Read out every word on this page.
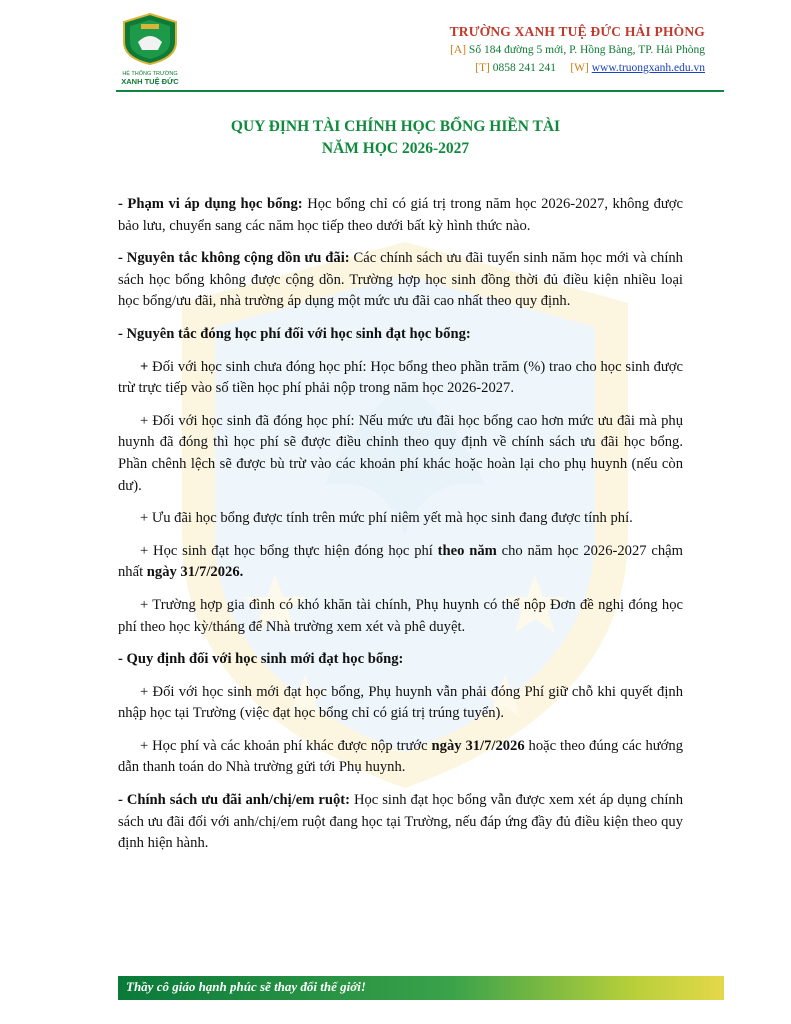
HỆ THỐNG TRƯỜNG
XANH TUỆ ĐỨC
TRƯỜNG XANH TUỆ ĐỨC HẢI PHÒNG
[A] Số 184 đường 5 mới, P. Hồng Bàng, TP. Hải Phòng
[T] 0858 241 241 [W] www.truongxanh.edu.vn
QUY ĐỊNH TÀI CHÍNH HỌC BỔNG HIỀN TÀI
NĂM HỌC 2026-2027

- Phạm vi áp dụng học bổng: Học bổng chỉ có giá trị trong năm học 2026-2027, không được bảo lưu, chuyển sang các năm học tiếp theo dưới bất kỳ hình thức nào.

- Nguyên tắc không cộng dồn ưu đãi: Các chính sách ưu đãi tuyển sinh năm học mới và chính sách học bổng không được cộng dồn. Trường hợp học sinh đồng thời đủ điều kiện nhiều loại học bổng/ưu đãi, nhà trường áp dụng một mức ưu đãi cao nhất theo quy định.

- Nguyên tắc đóng học phí đối với học sinh đạt học bổng:

+ Đối với học sinh chưa đóng học phí: Học bổng theo phần trăm (%) trao cho học sinh được trừ trực tiếp vào số tiền học phí phải nộp trong năm học 2026-2027.

+ Đối với học sinh đã đóng học phí: Nếu mức ưu đãi học bổng cao hơn mức ưu đãi mà phụ huynh đã đóng thì học phí sẽ được điều chỉnh theo quy định về chính sách ưu đãi học bổng. Phần chênh lệch sẽ được bù trừ vào các khoản phí khác hoặc hoàn lại cho phụ huynh (nếu còn dư).

+ Ưu đãi học bổng được tính trên mức phí niêm yết mà học sinh đang được tính phí.

+ Học sinh đạt học bổng thực hiện đóng học phí theo năm cho năm học 2026-2027 chậm nhất ngày 31/7/2026.

+ Trường hợp gia đình có khó khăn tài chính, Phụ huynh có thể nộp Đơn đề nghị đóng học phí theo học kỳ/tháng để Nhà trường xem xét và phê duyệt.

- Quy định đối với học sinh mới đạt học bổng:

+ Đối với học sinh mới đạt học bổng, Phụ huynh vẫn phải đóng Phí giữ chỗ khi quyết định nhập học tại Trường (việc đạt học bổng chỉ có giá trị trúng tuyển).

+ Học phí và các khoản phí khác được nộp trước ngày 31/7/2026 hoặc theo đúng các hướng dẫn thanh toán do Nhà trường gửi tới Phụ huynh.

- Chính sách ưu đãi anh/chị/em ruột: Học sinh đạt học bổng vẫn được xem xét áp dụng chính sách ưu đãi đối với anh/chị/em ruột đang học tại Trường, nếu đáp ứng đầy đủ điều kiện theo quy định hiện hành.

Thầy cô giáo hạnh phúc sẽ thay đổi thế giới!
